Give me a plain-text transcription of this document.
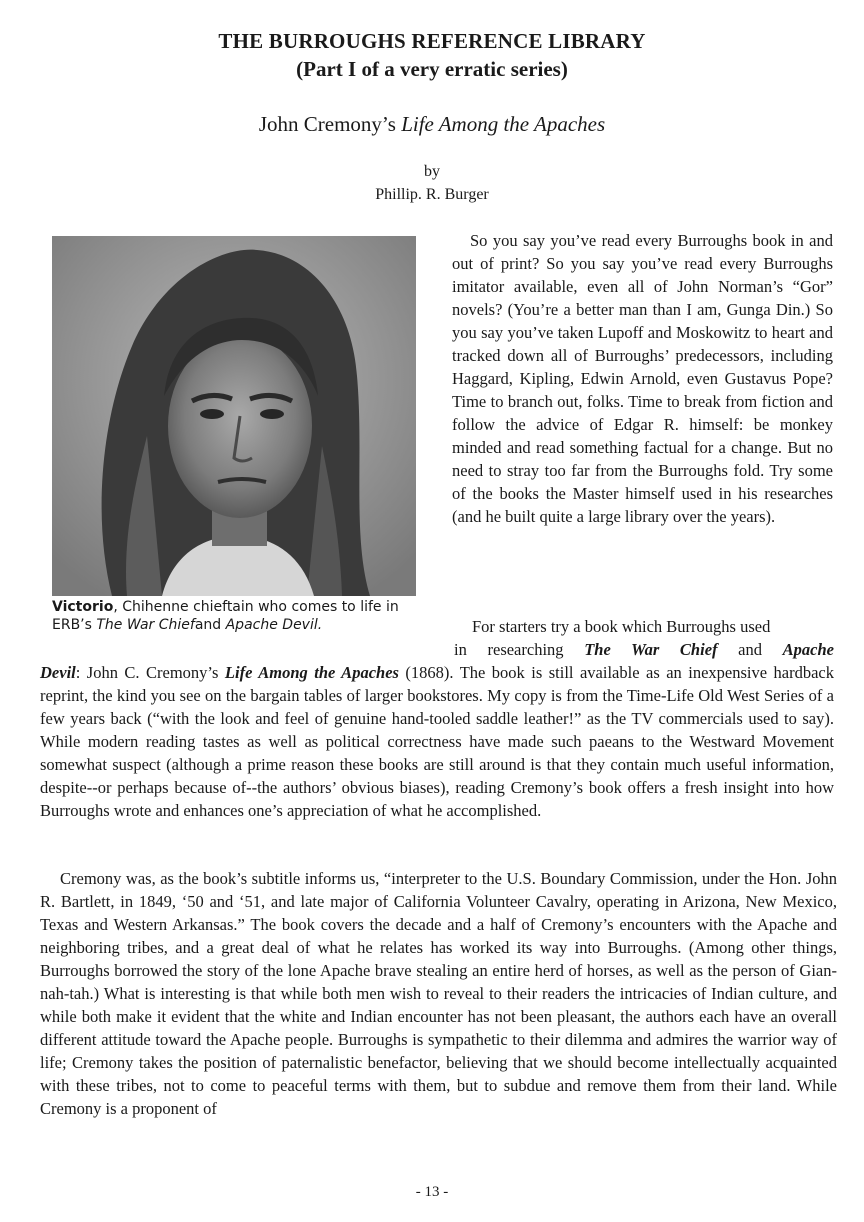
THE BURROUGHS REFERENCE LIBRARY
(Part I of a very erratic series)
John Cremony’s Life Among the Apaches
by
Phillip. R. Burger
Victorio, Chihenne chieftain who comes to life in ERB’s The War Chiefand Apache Devil.

So you say you’ve read every Burroughs book in and out of print? So you say you’ve read every Burroughs imitator available, even all of John Norman’s “Gor” novels? (You’re a better man than I am, Gunga Din.) So you say you’ve taken Lupoff and Moskowitz to heart and tracked down all of Burroughs’ predecessors, including Haggard, Kipling, Edwin Arnold, even Gustavus Pope? Time to branch out, folks. Time to break from fiction and follow the advice of Edgar R. himself: be monkey minded and read something factual for a change. But no need to stray too far from the Burroughs fold. Try some of the books the Master himself used in his researches (and he built quite a large library over the years).

For starters try a book which Burroughs used
in researching The War Chief and Apache
Devil: John C. Cremony’s Life Among the Apaches (1868). The book is still available as an inexpensive hardback reprint, the kind you see on the bargain tables of larger bookstores. My copy is from the Time-Life Old West Series of a few years back (“with the look and feel of genuine hand-tooled saddle leather!” as the TV commercials used to say). While modern reading tastes as well as political correctness have made such paeans to the Westward Movement somewhat suspect (although a prime reason these books are still around is that they contain much useful information, despite--or perhaps because of--the authors’ obvious biases), reading Cremony’s book offers a fresh insight into how Burroughs wrote and enhances one’s appreciation of what he accomplished.
Cremony was, as the book’s subtitle informs us, “interpreter to the U.S. Boundary Commission, under the Hon. John R. Bartlett, in 1849, ‘50 and ‘51, and late major of California Volunteer Cavalry, operating in Arizona, New Mexico, Texas and Western Arkansas.” The book covers the decade and a half of Cremony’s encounters with the Apache and neighboring tribes, and a great deal of what he relates has worked its way into Burroughs. (Among other things, Burroughs borrowed the story of the lone Apache brave stealing an entire herd of horses, as well as the person of Gian-nah-tah.) What is interesting is that while both men wish to reveal to their readers the intricacies of Indian culture, and while both make it evident that the white and Indian encounter has not been pleasant, the authors each have an overall different attitude toward the Apache people. Burroughs is sympathetic to their dilemma and admires the warrior way of life; Cremony takes the position of paternalistic benefactor, believing that we should become intellectually acquainted with these tribes, not to come to peaceful terms with them, but to subdue and remove them from their land. While Cremony is a proponent of
- 13 -
